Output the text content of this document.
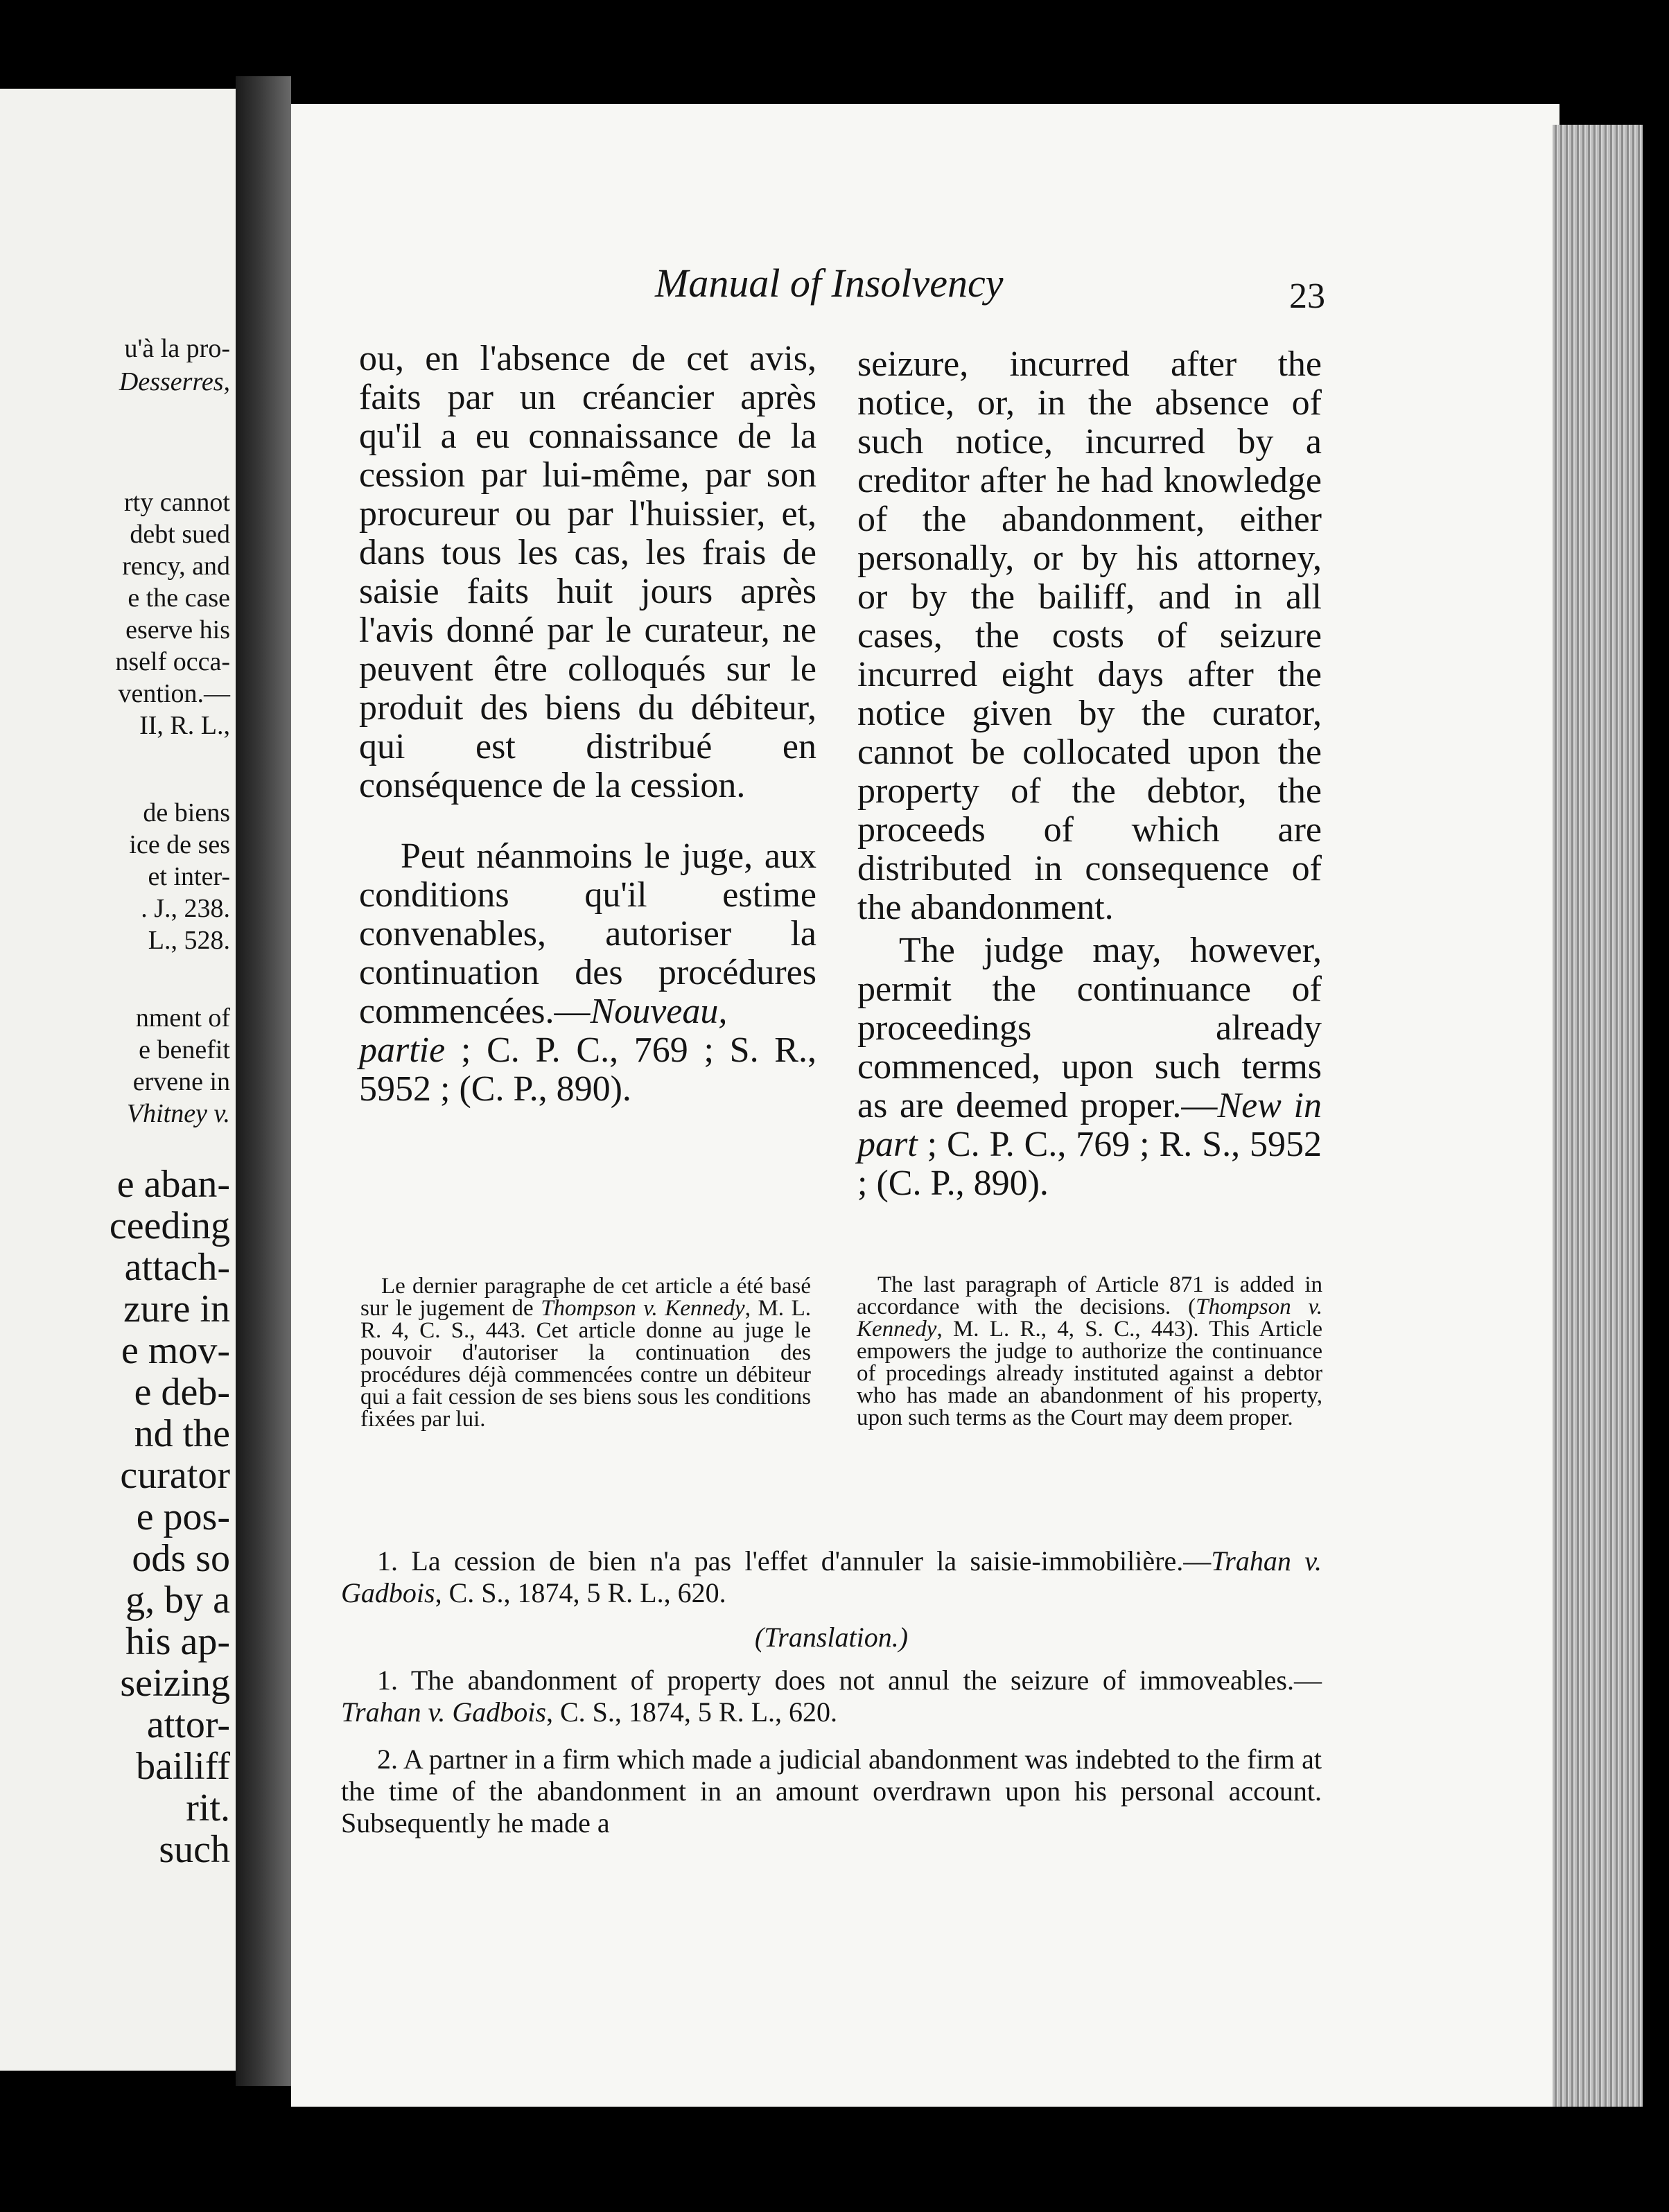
u'à la pro-
Desserres,
rty cannot
debt sued
rency, and
e the case
eserve his
nself occa-
vention.—
II, R. L.,
de biens
ice de ses
et inter-
. J., 238.
L., 528.
nment of
e benefit
ervene in
Vhitney v.
e aban-
ceeding
attach-
zure in
e mov-
e deb-
nd the
curator
e pos-
ods so
g, by a
his ap-
seizing
attor-
bailiff
rit.
such
Manual of Insolvency	23

ou, en l'absence de cet avis, faits par un créancier après qu'il a eu connaissance de la cession par lui-même, par son procureur ou par l'huissier, et, dans tous les cas, les frais de saisie faits huit jours après l'avis donné par le curateur, ne peuvent être colloqués sur le produit des biens du débiteur, qui est distribué en conséquence de la cession.

Peut néanmoins le juge, aux conditions qu'il estime convenables, autoriser la continuation des procédures commencées.—Nouveau, partie ; C. P. C., 769 ; S. R., 5952 ; (C. P., 890).

seizure, incurred after the notice, or, in the absence of such notice, incurred by a creditor after he had knowledge of the abandonment, either personally, or by his attorney, or by the bailiff, and in all cases, the costs of seizure incurred eight days after the notice given by the curator, cannot be collocated upon the property of the debtor, the proceeds of which are distributed in consequence of the abandonment.

The judge may, however, permit the continuance of proceedings already commenced, upon such terms as are deemed proper.—New in part ; C. P. C., 769 ; R. S., 5952 ; (C. P., 890).

Le dernier paragraphe de cet article a été basé sur le jugement de Thompson v. Kennedy, M. L. R. 4, C. S., 443. Cet article donne au juge le pouvoir d'autoriser la continuation des procédures déjà commencées contre un débiteur qui a fait cession de ses biens sous les conditions fixées par lui.

The last paragraph of Article 871 is added in accordance with the decisions. (Thompson v. Kennedy, M. L. R., 4, S. C., 443). This Article empowers the judge to authorize the continuance of procedings already instituted against a debtor who has made an abandonment of his property, upon such terms as the Court may deem proper.

1. La cession de bien n'a pas l'effet d'annuler la saisie-immobilière.—Trahan v. Gadbois, C. S., 1874, 5 R. L., 620.

(Translation.)

1. The abandonment of property does not annul the seizure of immoveables.—Trahan v. Gadbois, C. S., 1874, 5 R. L., 620.

2. A partner in a firm which made a judicial abandonment was indebted to the firm at the time of the abandonment in an amount overdrawn upon his personal account. Subsequently he made a
